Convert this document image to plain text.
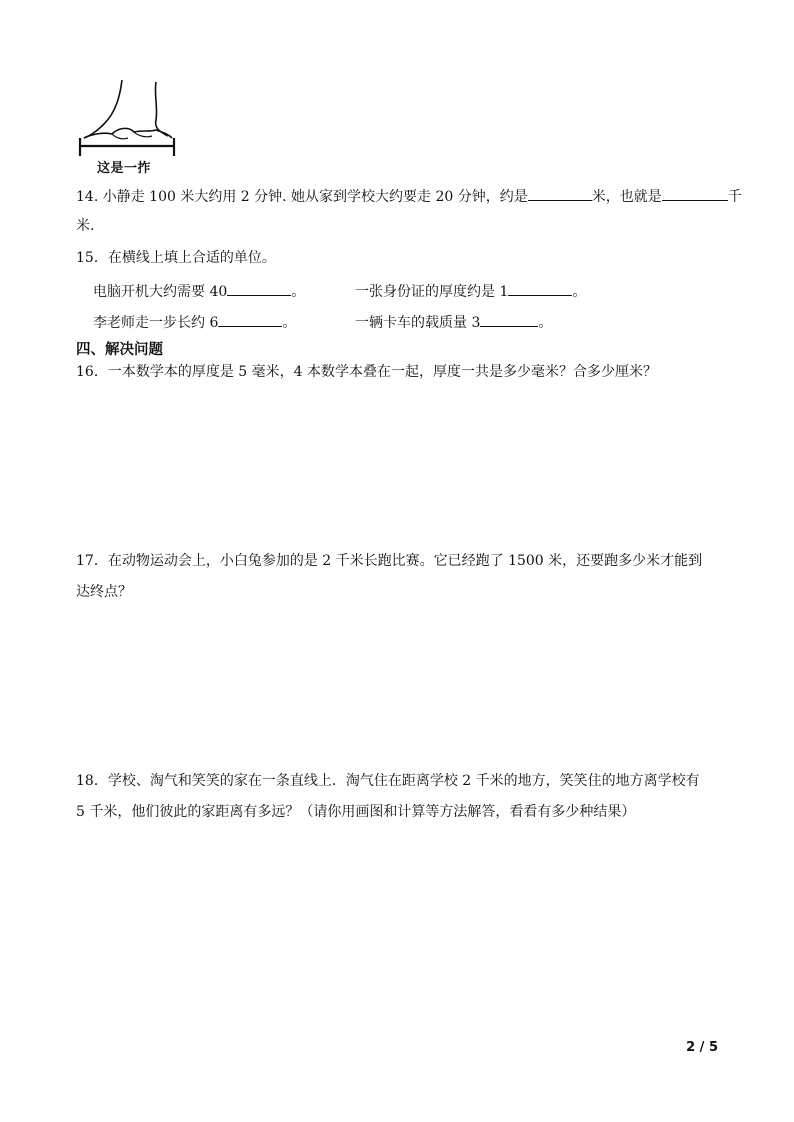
这是一拃
14. 小静走 100 米大约用 2 分钟. 她从家到学校大约要走 20 分钟，约是	米，也就是	千
米.
15．在横线上填上合适的单位。
电脑开机大约需要 40	。	一张身份证的厚度约是 1	。
李老师走一步长约 6	。	一辆卡车的载质量 3	。
四、解决问题
16．一本数学本的厚度是 5 毫米，4 本数学本叠在一起，厚度一共是多少毫米？合多少厘米？
17．在动物运动会上，小白兔参加的是 2 千米长跑比赛。它已经跑了 1500 米，还要跑多少米才能到
达终点？
18．学校、淘气和笑笑的家在一条直线上．淘气住在距离学校 2 千米的地方，笑笑住的地方离学校有
5 千米，他们彼此的家距离有多远？（请你用画图和计算等方法解答，看看有多少种结果）
2 / 5
